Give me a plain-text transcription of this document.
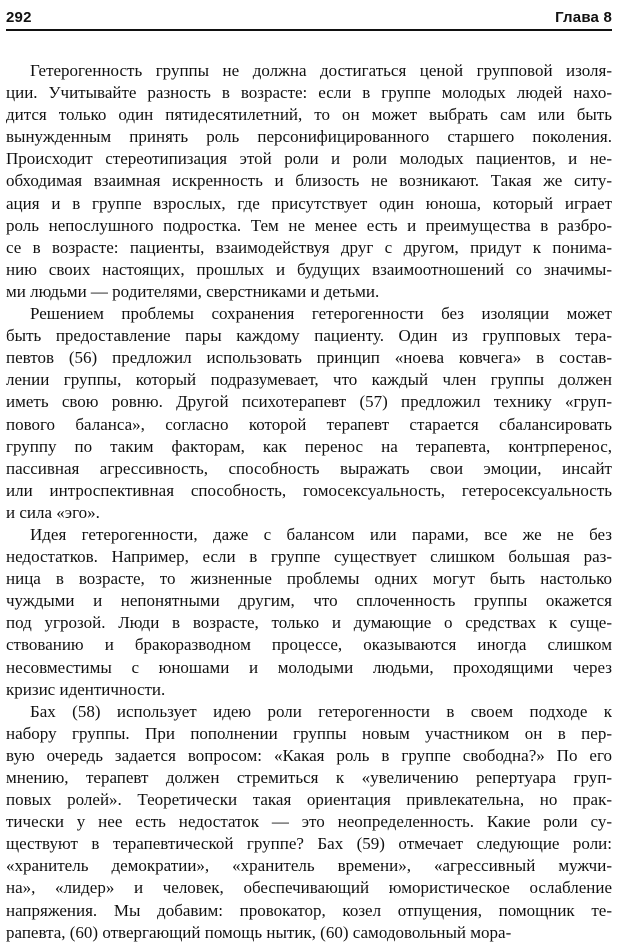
292	Глава 8
Гетерогенность группы не должна достигаться ценой групповой изоля-
ции. Учитывайте разность в возрасте: если в группе молодых людей нахо-
дится только один пятидесятилетний, то он может выбрать сам или быть
вынужденным принять роль персонифицированного старшего поколения.
Происходит стереотипизация этой роли и роли молодых пациентов, и не-
обходимая взаимная искренность и близость не возникают. Такая же ситу-
ация и в группе взрослых, где присутствует один юноша, который играет
роль непослушного подростка. Тем не менее есть и преимущества в разбро-
се в возрасте: пациенты, взаимодействуя друг с другом, придут к понима-
нию своих настоящих, прошлых и будущих взаимоотношений со значимы-
ми людьми — родителями, сверстниками и детьми.
Решением проблемы сохранения гетерогенности без изоляции может
быть предоставление пары каждому пациенту. Один из групповых тера-
певтов (56) предложил использовать принцип «ноева ковчега» в состав-
лении группы, который подразумевает, что каждый член группы должен
иметь свою ровню. Другой психотерапевт (57) предложил технику «груп-
пового баланса», согласно которой терапевт старается сбалансировать
группу по таким факторам, как перенос на терапевта, контрперенос,
пассивная агрессивность, способность выражать свои эмоции, инсайт
или интроспективная способность, гомосексуальность, гетеросексуальность
и сила «эго».
Идея гетерогенности, даже с балансом или парами, все же не без
недостатков. Например, если в группе существует слишком большая раз-
ница в возрасте, то жизненные проблемы одних могут быть настолько
чуждыми и непонятными другим, что сплоченность группы окажется
под угрозой. Люди в возрасте, только и думающие о средствах к суще-
ствованию и бракоразводном процессе, оказываются иногда слишком
несовместимы с юношами и молодыми людьми, проходящими через
кризис идентичности.
Бах (58) использует идею роли гетерогенности в своем подходе к
набору группы. При пополнении группы новым участником он в пер-
вую очередь задается вопросом: «Какая роль в группе свободна?» По его
мнению, терапевт должен стремиться к «увеличению репертуара груп-
повых ролей». Теоретически такая ориентация привлекательна, но прак-
тически у нее есть недостаток — это неопределенность. Какие роли су-
ществуют в терапевтической группе? Бах (59) отмечает следующие роли:
«хранитель демократии», «хранитель времени», «агрессивный мужчи-
на», «лидер» и человек, обеспечивающий юмористическое ослабление
напряжения. Мы добавим: провокатор, козел отпущения, помощник те-
рапевта, (60) отвергающий помощь нытик, (60) самодовольный мора-
